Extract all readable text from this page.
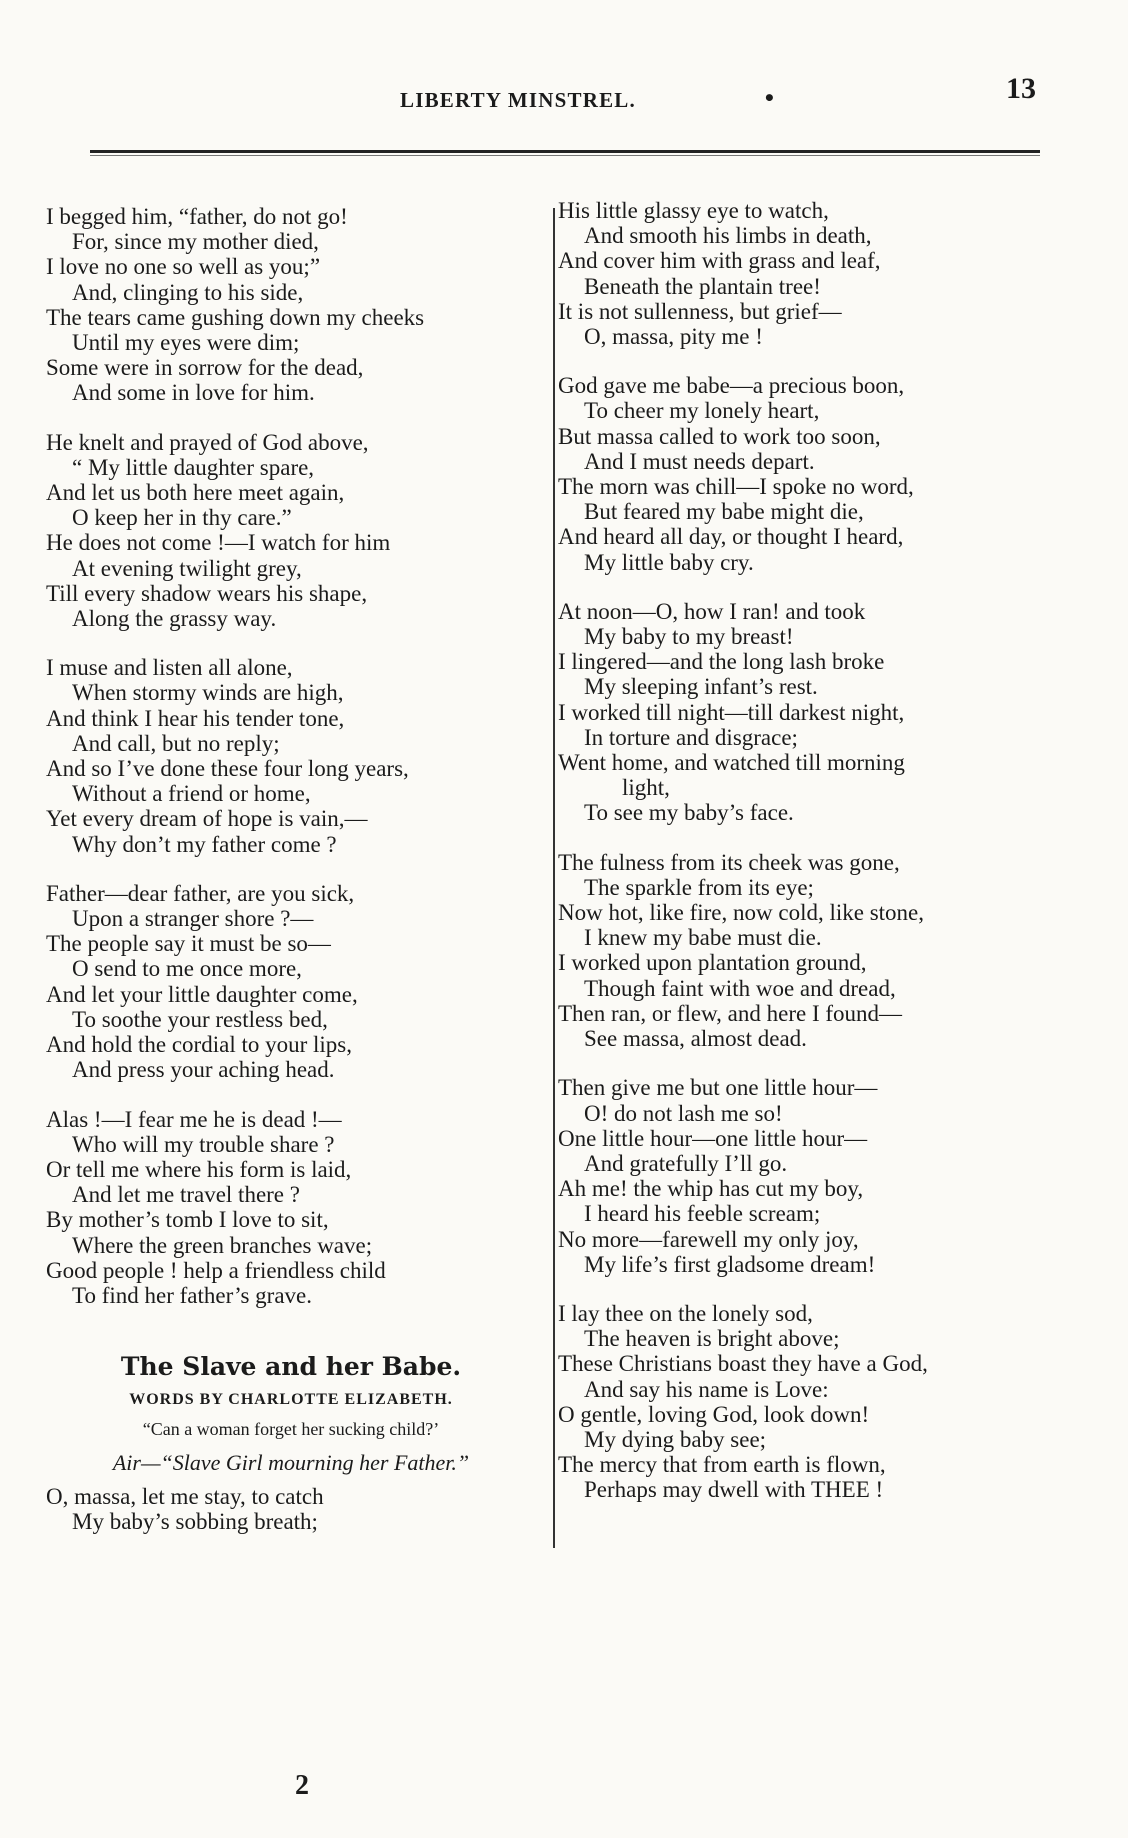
LIBERTY MINSTREL.	•	13
I begged him, “father, do not go!
For, since my mother died,
I love no one so well as you;”
And, clinging to his side,
The tears came gushing down my cheeks
Until my eyes were dim;
Some were in sorrow for the dead,
And some in love for him.
He knelt and prayed of God above,
“ My little daughter spare,
And let us both here meet again,
O keep her in thy care.”
He does not come !—I watch for him
At evening twilight grey,
Till every shadow wears his shape,
Along the grassy way.
I muse and listen all alone,
When stormy winds are high,
And think I hear his tender tone,
And call, but no reply;
And so I’ve done these four long years,
Without a friend or home,
Yet every dream of hope is vain,—
Why don’t my father come ?
Father—dear father, are you sick,
Upon a stranger shore ?—
The people say it must be so—
O send to me once more,
And let your little daughter come,
To soothe your restless bed,
And hold the cordial to your lips,
And press your aching head.
Alas !—I fear me he is dead !—
Who will my trouble share ?
Or tell me where his form is laid,
And let me travel there ?
By mother’s tomb I love to sit,
Where the green branches wave;
Good people ! help a friendless child
To find her father’s grave.
The Slave and her Babe.
WORDS BY CHARLOTTE ELIZABETH.
“Can a woman forget her sucking child?’
Air—“Slave Girl mourning her Father.”
O, massa, let me stay, to catch
My baby’s sobbing breath;
His little glassy eye to watch,
And smooth his limbs in death,
And cover him with grass and leaf,
Beneath the plantain tree!
It is not sullenness, but grief—
O, massa, pity me !
God gave me babe—a precious boon,
To cheer my lonely heart,
But massa called to work too soon,
And I must needs depart.
The morn was chill—I spoke no word,
But feared my babe might die,
And heard all day, or thought I heard,
My little baby cry.
At noon—O, how I ran! and took
My baby to my breast!
I lingered—and the long lash broke
My sleeping infant’s rest.
I worked till night—till darkest night,
In torture and disgrace;
Went home, and watched till morning
light,
To see my baby’s face.
The fulness from its cheek was gone,
The sparkle from its eye;
Now hot, like fire, now cold, like stone,
I knew my babe must die.
I worked upon plantation ground,
Though faint with woe and dread,
Then ran, or flew, and here I found—
See massa, almost dead.
Then give me but one little hour—
O! do not lash me so!
One little hour—one little hour—
And gratefully I’ll go.
Ah me! the whip has cut my boy,
I heard his feeble scream;
No more—farewell my only joy,
My life’s first gladsome dream!
I lay thee on the lonely sod,
The heaven is bright above;
These Christians boast they have a God,
And say his name is Love:
O gentle, loving God, look down!
My dying baby see;
The mercy that from earth is flown,
Perhaps may dwell with THEE !
2
